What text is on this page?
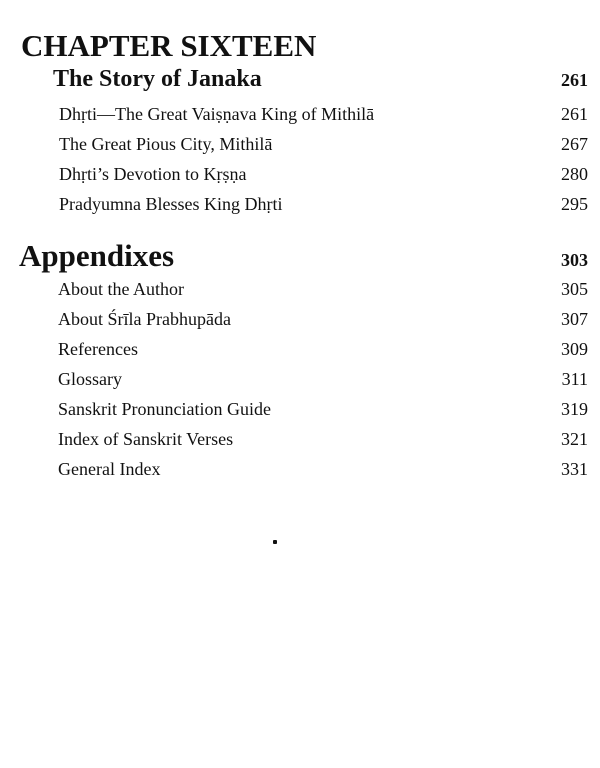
CHAPTER SIXTEEN
The Story of Janaka	261
Dhṛti—The Great Vaiṣṇava King of Mithilā	261
The Great Pious City, Mithilā	267
Dhṛti’s Devotion to Kṛṣṇa	280
Pradyumna Blesses King Dhṛti	295
Appendixes	303
About the Author	305
About Śrīla Prabhupāda	307
References	309
Glossary	311
Sanskrit Pronunciation Guide	319
Index of Sanskrit Verses	321
General Index	331
